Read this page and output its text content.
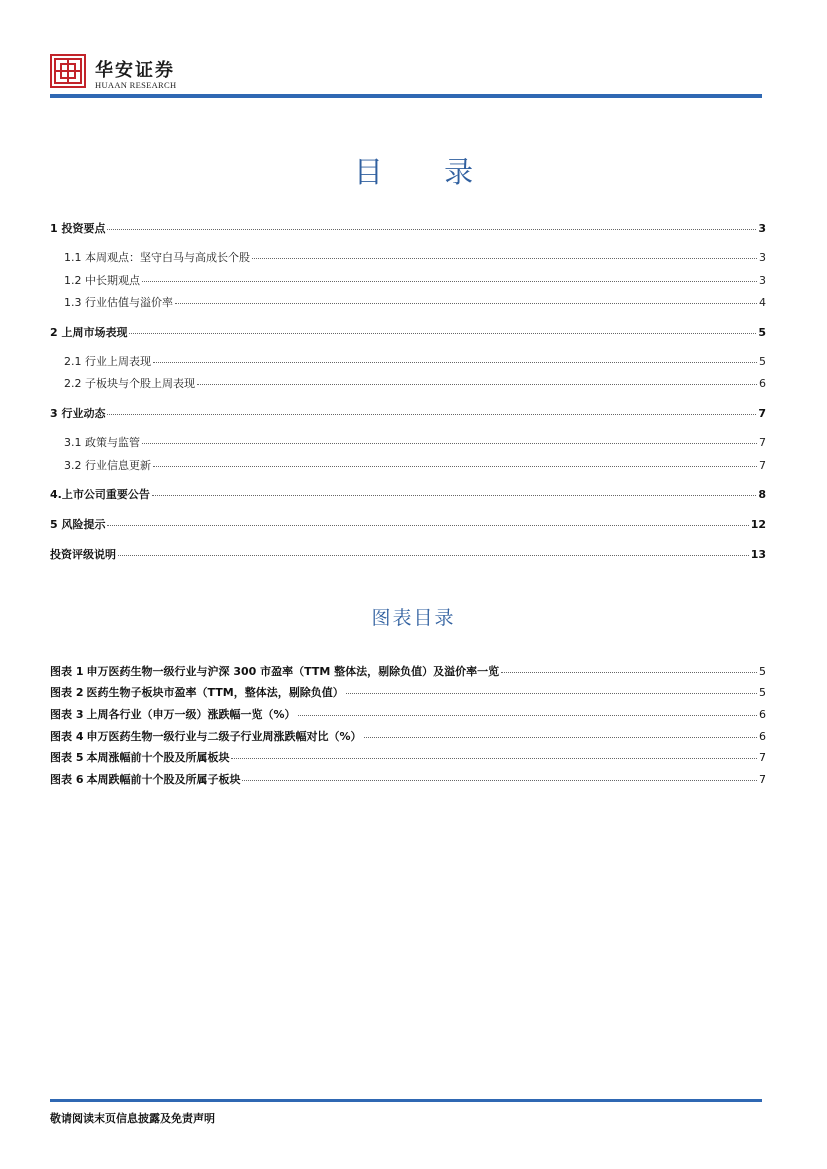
华安证券
HUAAN RESEARCH
目 录
1 投资要点	3
1.1 本周观点：坚守白马与高成长个股	3
1.2 中长期观点	3
1.3 行业估值与溢价率	4
2 上周市场表现	5
2.1 行业上周表现	5
2.2 子板块与个股上周表现	6
3 行业动态	7
3.1 政策与监管	7
3.2 行业信息更新	7
4.上市公司重要公告	8
5 风险提示	12
投资评级说明	13
图表目录
图表 1 申万医药生物一级行业与沪深 300 市盈率（TTM 整体法，剔除负值）及溢价率一览	5
图表 2 医药生物子板块市盈率（TTM，整体法，剔除负值）	5
图表 3 上周各行业（申万一级）涨跌幅一览（%）	6
图表 4 申万医药生物一级行业与二级子行业周涨跌幅对比（%）	6
图表 5 本周涨幅前十个股及所属板块	7
图表 6 本周跌幅前十个股及所属子板块	7
敬请阅读末页信息披露及免责声明
